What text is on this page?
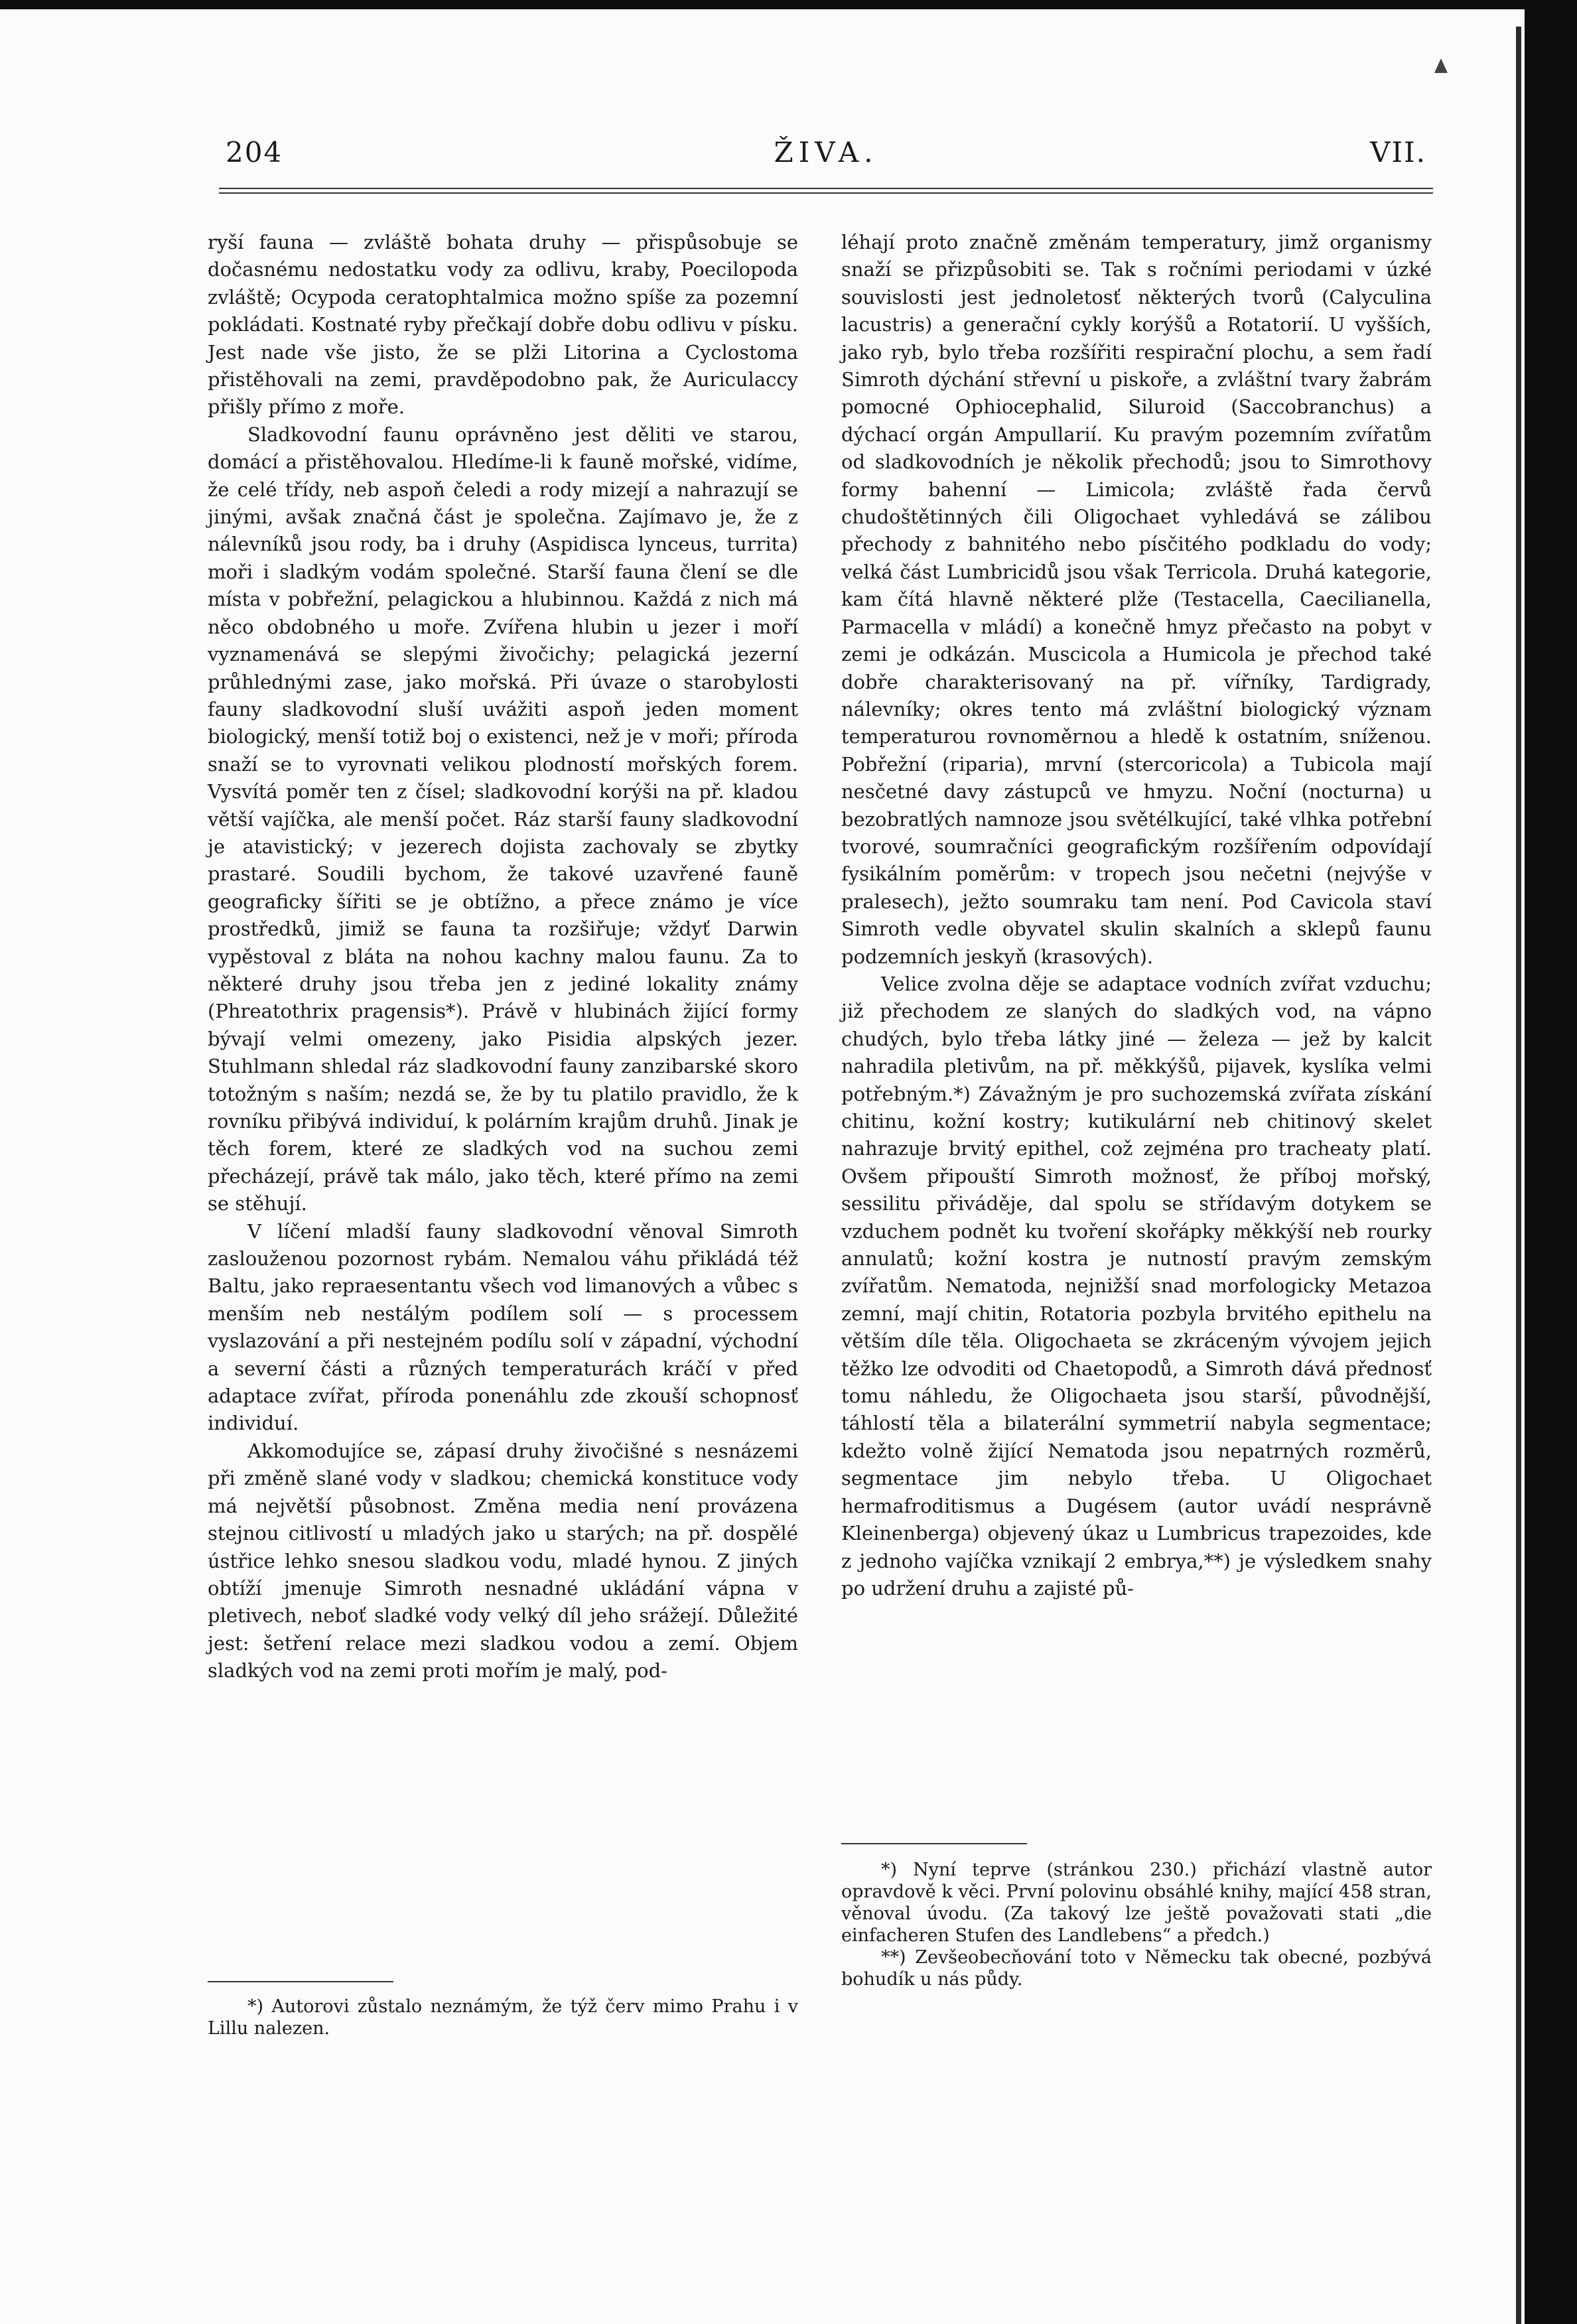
ŽIVA.
204	VII.

ryší fauna — zvláště bohata druhy — přispůsobuje se dočasnému nedostatku vody za odlivu, kraby, Poecilopoda zvláště; Ocypoda ceratophtalmica možno spíše za pozemní pokládati. Kostnaté ryby přečkají dobře dobu odlivu v písku. Jest nade vše jisto, že se plži Litorina a Cyclostoma přistěhovali na zemi, pravděpodobno pak, že Auriculaccy přišly přímo z moře.

Sladkovodní faunu oprávněno jest děliti ve starou, domácí a přistěhovalou. Hledíme-li k fauně mořské, vidíme, že celé třídy, neb aspoň čeledi a rody mizejí a nahrazují se jinými, avšak značná část je společna. Zajímavo je, že z nálevníků jsou rody, ba i druhy (Aspidisca lynceus, turrita) moři i sladkým vodám společné. Starší fauna člení se dle místa v pobřežní, pelagickou a hlubinnou. Každá z nich má něco obdobného u moře. Zvířena hlubin u jezer i moří vyznamenává se slepými živočichy; pelagická jezerní průhlednými zase, jako mořská. Při úvaze o starobylosti fauny sladkovodní sluší uvážiti aspoň jeden moment biologický, menší totiž boj o existenci, než je v moři; příroda snaží se to vyrovnati velikou plodností mořských forem. Vysvítá poměr ten z čísel; sladkovodní korýši na př. kladou větší vajíčka, ale menší počet. Ráz starší fauny sladkovodní je atavistický; v jezerech dojista zachovaly se zbytky prastaré. Soudili bychom, že takové uzavřené fauně geograficky šířiti se je obtížno, a přece známo je více prostředků, jimiž se fauna ta rozšiřuje; vždyť Darwin vypěstoval z bláta na nohou kachny malou faunu. Za to některé druhy jsou třeba jen z jediné lokality známy (Phreatothrix pragensis*). Právě v hlubinách žijící formy bývají velmi omezeny, jako Pisidia alpských jezer. Stuhlmann shledal ráz sladkovodní fauny zanzibarské skoro totožným s naším; nezdá se, že by tu platilo pravidlo, že k rovníku přibývá individuí, k polárním krajům druhů. Jinak je těch forem, které ze sladkých vod na suchou zemi přecházejí, právě tak málo, jako těch, které přímo na zemi se stěhují.

V líčení mladší fauny sladkovodní věnoval Simroth zaslouženou pozornost rybám. Nemalou váhu přikládá též Baltu, jako repraesentantu všech vod limanových a vůbec s menším neb nestálým podílem solí — s processem vyslazování a při nestejném podílu solí v západní, východní a severní části a různých temperaturách kráčí v před adaptace zvířat, příroda ponenáhlu zde zkouší schopnosť individuí.

Akkomodujíce se, zápasí druhy živočišné s nesnázemi při změně slané vody v sladkou; chemická konstituce vody má největší působnost. Změna media není provázena stejnou citlivostí u mladých jako u starých; na př. dospělé ústřice lehko snesou sladkou vodu, mladé hynou. Z jiných obtíží jmenuje Simroth nesnadné ukládání vápna v pletivech, neboť sladké vody velký díl jeho srážejí. Důležité jest: šetření relace mezi sladkou vodou a zemí. Objem sladkých vod na zemi proti mořím je malý, pod-

*) Autorovi zůstalo neznámým, že týž červ mimo Prahu i v Lillu nalezen.

léhají proto značně změnám temperatury, jimž organismy snaží se přizpůsobiti se. Tak s ročními periodami v úzké souvislosti jest jednoletosť některých tvorů (Calyculina lacustris) a generační cykly korýšů a Rotatorií. U vyšších, jako ryb, bylo třeba rozšířiti respirační plochu, a sem řadí Simroth dýchání střevní u piskoře, a zvláštní tvary žabrám pomocné Ophiocephalid, Siluroid (Saccobranchus) a dýchací orgán Ampullarií. Ku pravým pozemním zvířatům od sladkovodních je několik přechodů; jsou to Simrothovy formy bahenní — Limicola; zvláště řada červů chudoštětinných čili Oligochaet vyhledává se zálibou přechody z bahnitého nebo písčitého podkladu do vody; velká část Lumbricidů jsou však Terricola. Druhá kategorie, kam čítá hlavně některé plže (Testacella, Caecilianella, Parmacella v mládí) a konečně hmyz přečasto na pobyt v zemi je odkázán. Muscicola a Humicola je přechod také dobře charakterisovaný na př. vířníky, Tardigrady, nálevníky; okres tento má zvláštní biologický význam temperaturou rovnoměrnou a hledě k ostatním, sníženou. Pobřežní (riparia), mrvní (stercoricola) a Tubicola mají nesčetné davy zástupců ve hmyzu. Noční (nocturna) u bezobratlých namnoze jsou světélkující, také vlhka potřební tvorové, soumračníci geografickým rozšířením odpovídají fysikálním poměrům: v tropech jsou nečetni (nejvýše v pralesech), ježto soumraku tam není. Pod Cavicola staví Simroth vedle obyvatel skulin skalních a sklepů faunu podzemních jeskyň (krasových).

Velice zvolna děje se adaptace vodních zvířat vzduchu; již přechodem ze slaných do sladkých vod, na vápno chudých, bylo třeba látky jiné — železa — jež by kalcit nahradila pletivům, na př. měkkýšů, pijavek, kyslíka velmi potřebným.*) Závažným je pro suchozemská zvířata získání chitinu, kožní kostry; kutikulární neb chitinový skelet nahrazuje brvitý epithel, což zejména pro tracheaty platí. Ovšem připouští Simroth možnosť, že příboj mořský, sessilitu přiváděje, dal spolu se střídavým dotykem se vzduchem podnět ku tvoření skořápky měkkýší neb rourky annulatů; kožní kostra je nutností pravým zemským zvířatům. Nematoda, nejnižší snad morfologicky Metazoa zemní, mají chitin, Rotatoria pozbyla brvitého epithelu na větším díle těla. Oligochaeta se zkráceným vývojem jejich těžko lze odvoditi od Chaetopodů, a Simroth dává přednosť tomu náhledu, že Oligochaeta jsou starší, původnější, táhlostí těla a bilaterální symmetrií nabyla segmentace; kdežto volně žijící Nematoda jsou nepatrných rozměrů, segmentace jim nebylo třeba. U Oligochaet hermafroditismus a Dugésem (autor uvádí nesprávně Kleinenberga) objevený úkaz u Lumbricus trapezoides, kde z jednoho vajíčka vznikají 2 embrya,**) je výsledkem snahy po udržení druhu a zajisté pů-

*) Nyní teprve (stránkou 230.) přichází vlastně autor opravdově k věci. První polovinu obsáhlé knihy, mající 458 stran, věnoval úvodu. (Za takový lze ještě považovati stati „die einfacheren Stufen des Landlebens“ a předch.)

**) Zevšeobecňování toto v Německu tak obecné, pozbývá bohudík u nás půdy.
